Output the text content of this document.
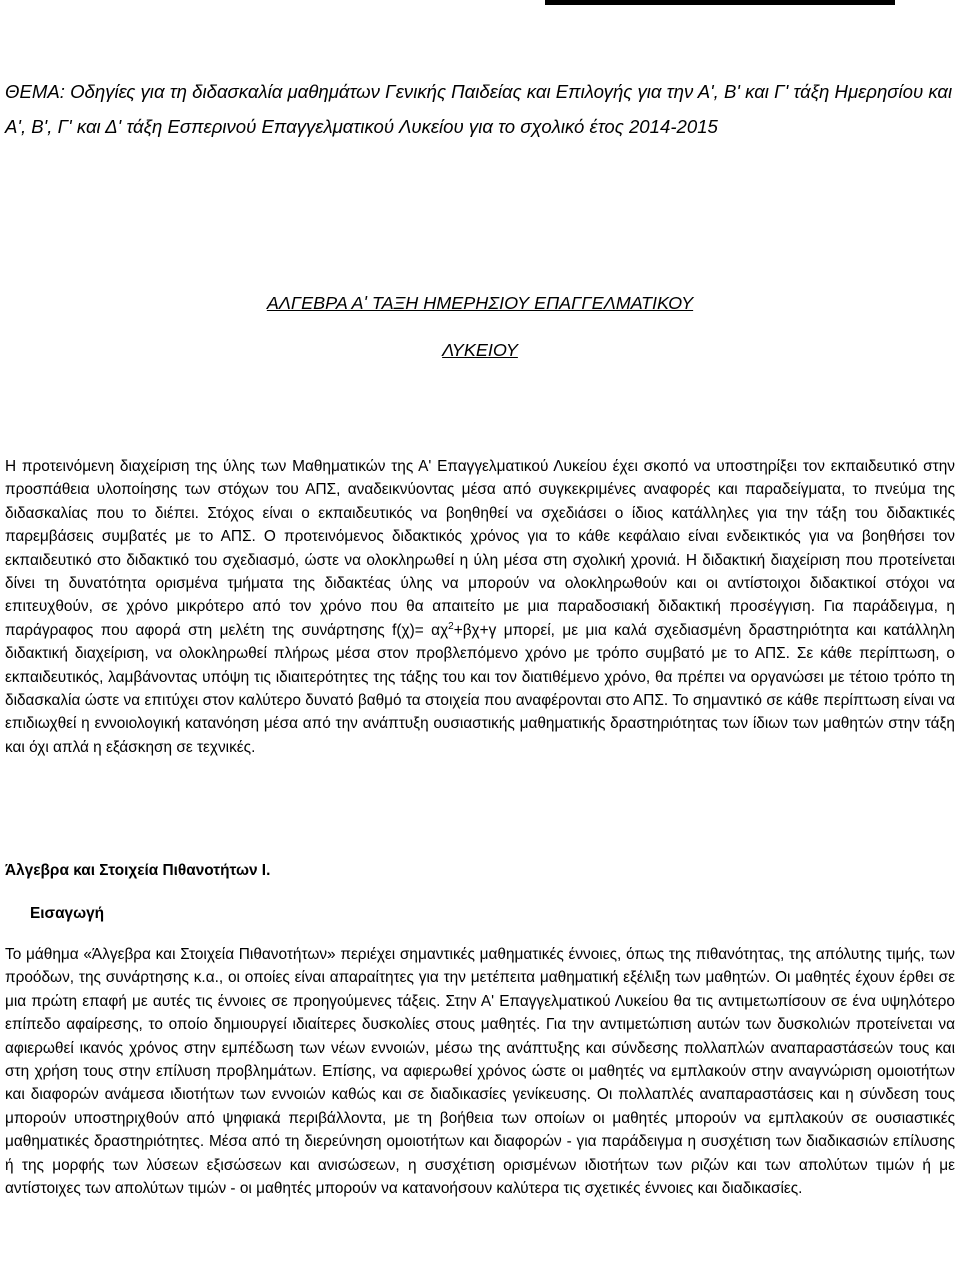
ΘΕΜΑ: Οδηγίες για τη διδασκαλία μαθημάτων Γενικής Παιδείας και Επιλογής για την Α', Β' και Γ' τάξη Ημερησίου και Α', Β', Γ' και Δ' τάξη Εσπερινού Επαγγελματικού Λυκείου για το σχολικό έτος 2014-2015
ΑΛΓΕΒΡΑ Α' ΤΑΞΗ ΗΜΕΡΗΣΙΟΥ ΕΠΑΓΓΕΛΜΑΤΙΚΟΥ
ΛΥΚΕΙΟΥ

Η προτεινόμενη διαχείριση της ύλης των Μαθηματικών της Α' Επαγγελματικού Λυκείου έχει σκοπό να υποστηρίξει τον εκπαιδευτικό στην προσπάθεια υλοποίησης των στόχων του ΑΠΣ, αναδεικνύοντας μέσα από συγκεκριμένες αναφορές και παραδείγματα, το πνεύμα της διδασκαλίας που το διέπει. Στόχος είναι ο εκπαιδευτικός να βοηθηθεί να σχεδιάσει ο ίδιος κατάλληλες για την τάξη του διδακτικές παρεμβάσεις συμβατές με το ΑΠΣ. Ο προτεινόμενος διδακτικός χρόνος για το κάθε κεφάλαιο είναι ενδεικτικός για να βοηθήσει τον εκπαιδευτικό στο διδακτικό του σχεδιασμό, ώστε να ολοκληρωθεί η ύλη μέσα στη σχολική χρονιά. Η διδακτική διαχείριση που προτείνεται δίνει τη δυνατότητα ορισμένα τμήματα της διδακτέας ύλης να μπορούν να ολοκληρωθούν και οι αντίστοιχοι διδακτικοί στόχοι να επιτευχθούν, σε χρόνο μικρότερο από τον χρόνο που θα απαιτείτο με μια παραδοσιακή διδακτική προσέγγιση. Για παράδειγμα, η παράγραφος που αφορά στη μελέτη της συνάρτησης $f(\chi)= \alpha\chi^2+\beta\chi+\gamma$ μπορεί, με μια καλά σχεδιασμένη δραστηριότητα και κατάλληλη διδακτική διαχείριση, να ολοκληρωθεί πλήρως μέσα στον προβλεπόμενο χρόνο με τρόπο συμβατό με το ΑΠΣ. Σε κάθε περίπτωση, ο εκπαιδευτικός, λαμβάνοντας υπόψη τις ιδιαιτερότητες της τάξης του και τον διατιθέμενο χρόνο, θα πρέπει να οργανώσει με τέτοιο τρόπο τη διδασκαλία ώστε να επιτύχει στον καλύτερο δυνατό βαθμό τα στοιχεία που αναφέρονται στο ΑΠΣ. Το σημαντικό σε κάθε περίπτωση είναι να επιδιωχθεί η εννοιολογική κατανόηση μέσα από την ανάπτυξη ουσιαστικής μαθηματικής δραστηριότητας των ίδιων των μαθητών στην τάξη και όχι απλά η εξάσκηση σε τεχνικές.

Άλγεβρα και Στοιχεία Πιθανοτήτων Ι.
Εισαγωγή

Το μάθημα «Άλγεβρα και Στοιχεία Πιθανοτήτων» περιέχει σημαντικές μαθηματικές έννοιες, όπως της πιθανότητας, της απόλυτης τιμής, των προόδων, της συνάρτησης κ.α., οι οποίες είναι απαραίτητες για την μετέπειτα μαθηματική εξέλιξη των μαθητών. Οι μαθητές έχουν έρθει σε μια πρώτη επαφή με αυτές τις έννοιες σε προηγούμενες τάξεις. Στην Α' Επαγγελματικού Λυκείου θα τις αντιμετωπίσουν σε ένα υψηλότερο επίπεδο αφαίρεσης, το οποίο δημιουργεί ιδιαίτερες δυσκολίες στους μαθητές. Για την αντιμετώπιση αυτών των δυσκολιών προτείνεται να αφιερωθεί ικανός χρόνος στην εμπέδωση των νέων εννοιών, μέσω της ανάπτυξης και σύνδεσης πολλαπλών αναπαραστάσεών τους και στη χρήση τους στην επίλυση προβλημάτων. Επίσης, να αφιερωθεί χρόνος ώστε οι μαθητές να εμπλακούν στην αναγνώριση ομοιοτήτων και διαφορών ανάμεσα ιδιοτήτων των εννοιών καθώς και σε διαδικασίες γενίκευσης. Οι πολλαπλές αναπαραστάσεις και η σύνδεση τους μπορούν υποστηριχθούν από ψηφιακά περιβάλλοντα, με τη βοήθεια των οποίων οι μαθητές μπορούν να εμπλακούν σε ουσιαστικές μαθηματικές δραστηριότητες. Μέσα από τη διερεύνηση ομοιοτήτων και διαφορών - για παράδειγμα η συσχέτιση των διαδικασιών επίλυσης ή της μορφής των λύσεων εξισώσεων και ανισώσεων, η συσχέτιση ορισμένων ιδιοτήτων των ριζών και των απολύτων τιμών ή με αντίστοιχες των απολύτων τιμών - οι μαθητές μπορούν να κατανοήσουν καλύτερα τις σχετικές έννοιες και διαδικασίες.
